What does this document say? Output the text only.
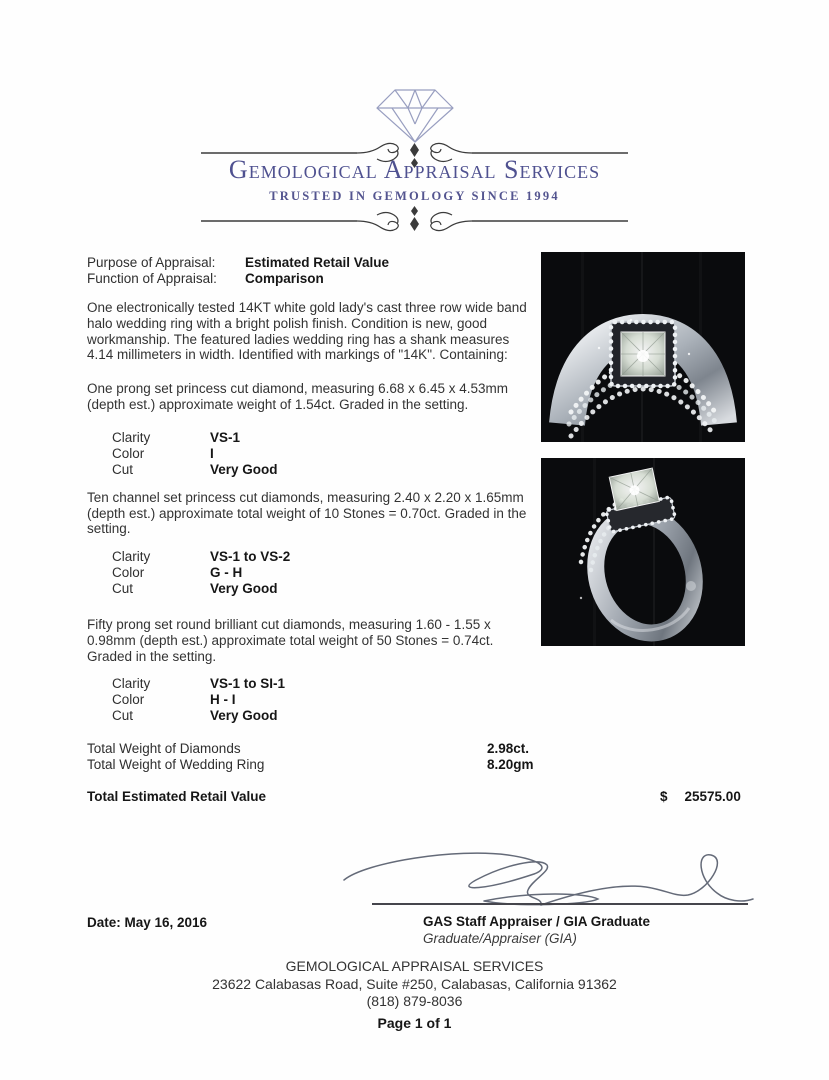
Gemological Appraisal Services
TRUSTED IN GEMOLOGY SINCE 1994
Purpose of Appraisal:	Estimated Retail Value
Function of Appraisal:	Comparison

One electronically tested 14KT white gold lady's cast three row wide band halo wedding ring with a bright polish finish. Condition is new, good workmanship. The featured ladies wedding ring has a shank measures 4.14 millimeters in width. Identified with markings of "14K". Containing:

One prong set princess cut diamond, measuring 6.68 x 6.45 x 4.53mm (depth est.) approximate weight of 1.54ct. Graded in the setting.

Clarity	VS-1
Color	I
Cut	Very Good

Ten channel set princess cut diamonds, measuring 2.40 x 2.20 x 1.65mm (depth est.) approximate total weight of 10 Stones = 0.70ct. Graded in the setting.

Clarity	VS-1 to VS-2
Color	G - H
Cut	Very Good

Fifty prong set round brilliant cut diamonds, measuring 1.60 - 1.55 x 0.98mm (depth est.) approximate total weight of 50 Stones = 0.74ct. Graded in the setting.

Clarity	VS-1 to SI-1
Color	H - I
Cut	Very Good
Total Weight of Diamonds	2.98ct.
Total Weight of Wedding Ring	8.20gm
Total Estimated Retail Value	$ 25575.00
Date: May 16, 2016	GAS Staff Appraiser / GIA Graduate
Graduate/Appraiser (GIA)
GEMOLOGICAL APPRAISAL SERVICES
23622 Calabasas Road, Suite #250, Calabasas, California 91362
(818) 879-8036
Page 1 of 1
